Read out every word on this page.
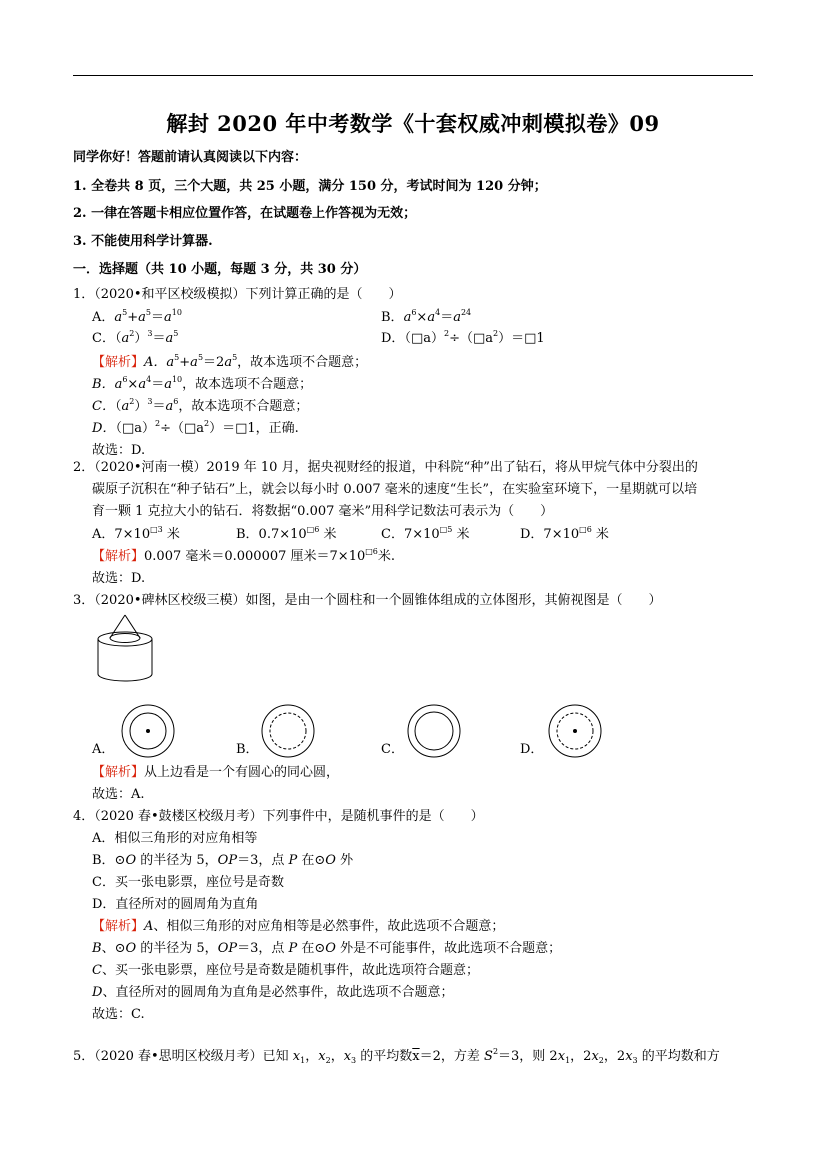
解封 2020 年中考数学《十套权威冲刺模拟卷》09
同学你好！答题前请认真阅读以下内容：
1. 全卷共 8 页，三个大题，共 25 小题，满分 150 分，考试时间为 120 分钟；
2. 一律在答题卡相应位置作答，在试题卷上作答视为无效；
3. 不能使用科学计算器.
一．选择题（共 10 小题，每题 3 分，共 30 分）
1．（2020•和平区校级模拟）下列计算正确的是（　　）
A．$a^5+a^5=a^{10}$	B．$a^6\times a^4=a^{24}$
C．$(a^2)^3=a^5$	D．$(□a)^2\div(□a^2)=□1$
【解析】A．$a^5+a^5=2a^5$，故本选项不合题意；
B．$a^6\times a^4=a^{10}$，故本选项不合题意；
C．$(a^2)^3=a^6$，故本选项不合题意；
D．$(□a)^2\div(□a^2)=□1$，正确.
故选：D.
2．（2020•河南一模）2019 年 10 月，据央视财经的报道，中科院“种”出了钻石，将从甲烷气体中分裂出的
碳原子沉积在“种子钻石”上，就会以每小时 0.007 毫米的速度“生长”，在实验室环境下，一星期就可以培
育一颗 1 克拉大小的钻石．将数据“0.007 毫米”用科学记数法可表示为（　　）
A．$7\times 10^{□3}$ 米	B．$0.7\times 10^{□6}$ 米	C．$7\times 10^{□5}$ 米	D．$7\times 10^{□6}$ 米
【解析】0.007 毫米＝0.000007 厘米$=7\times 10^{□6}$米.
故选：D.
3．（2020•碑林区校级三模）如图，是由一个圆柱和一个圆锥体组成的立体图形，其俯视图是（　　）
A．	B．	C．	D．
【解析】从上边看是一个有圆心的同心圆，
故选：A.
4．（2020 春•鼓楼区校级月考）下列事件中，是随机事件的是（　　）
A．相似三角形的对应角相等
B．⊙O 的半径为 5，OP＝3，点 P 在⊙O 外
C．买一张电影票，座位号是奇数
D．直径所对的圆周角为直角
【解析】A、相似三角形的对应角相等是必然事件，故此选项不合题意；
B、⊙O 的半径为 5，OP＝3，点 P 在⊙O 外是不可能事件，故此选项不合题意；
C、买一张电影票，座位号是奇数是随机事件，故此选项符合题意；
D、直径所对的圆周角为直角是必然事件，故此选项不合题意；
故选：C.
5．（2020 春•思明区校级月考）已知 $x_1$，$x_2$，$x_3$ 的平均数$\overline{x}=2$，方差 $S^2=3$，则 $2x_1$，$2x_2$，$2x_3$ 的平均数和方
